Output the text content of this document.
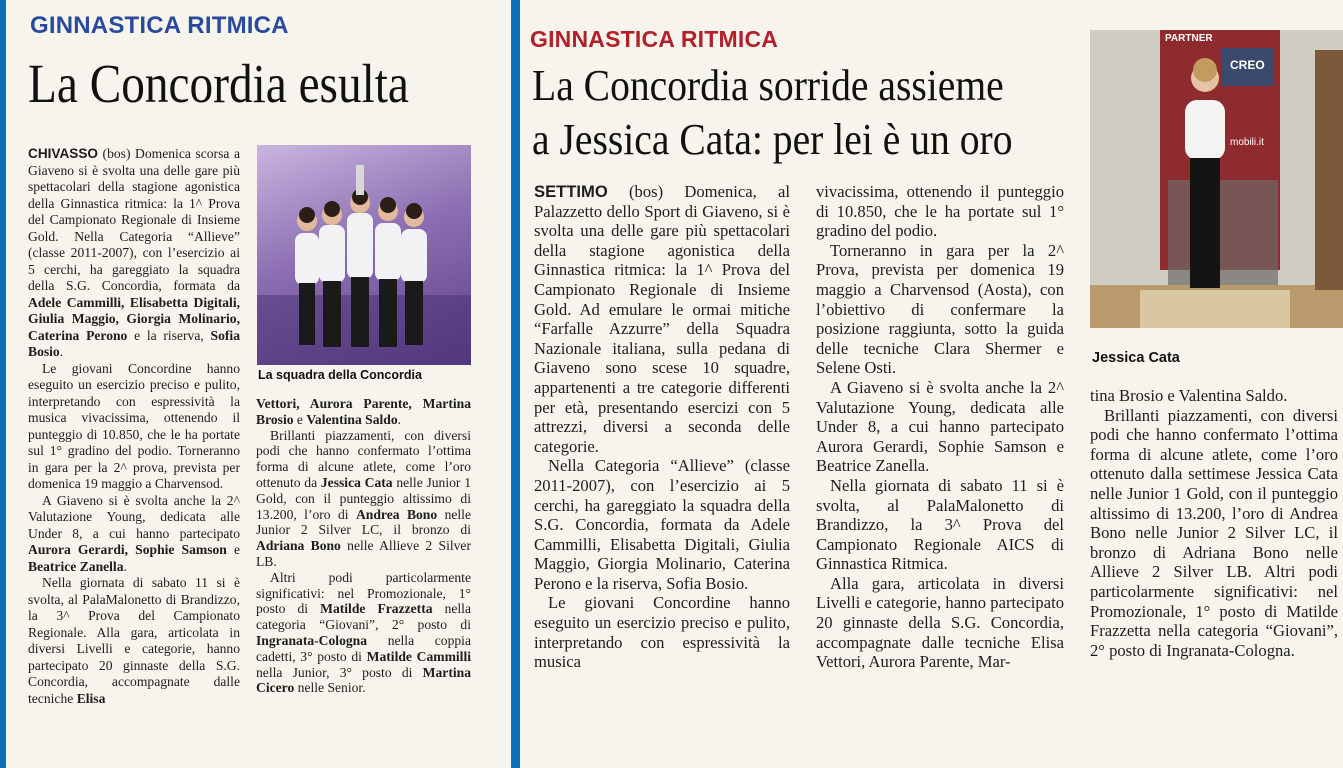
GINNASTICA RITMICA
La Concordia esulta

CHIVASSO (bos) Domenica scorsa a Giaveno si è svolta una delle gare più spettacolari della stagione agonistica della Ginnastica ritmica: la 1^ Prova del Campionato Regionale di Insieme Gold. Nella Categoria “Allieve” (classe 2011-2007), con l’esercizio ai 5 cerchi, ha gareggiato la squadra della S.G. Concordia, formata da Adele Cammilli, Elisabetta Digitali, Giulia Maggio, Giorgia Molinario, Caterina Perono e la riserva, Sofia Bosio.

Le giovani Concordine hanno eseguito un esercizio preciso e pulito, interpretando con espressività la musica vivacissima, ottenendo il punteggio di 10.850, che le ha portate sul 1° gradino del podio. Torneranno in gara per la 2^ prova, prevista per domenica 19 maggio a Charvensod.

A Giaveno si è svolta anche la 2^ Valutazione Young, dedicata alle Under 8, a cui hanno partecipato Aurora Gerardi, Sophie Samson e Beatrice Zanella.

Nella giornata di sabato 11 si è svolta, al PalaMalonetto di Brandizzo, la 3^ Prova del Campionato Regionale. Alla gara, articolata in diversi Livelli e categorie, hanno partecipato 20 ginnaste della S.G. Concordia, accompagnate dalle tecniche Elisa

La squadra della Concordia

Vettori, Aurora Parente, Martina Brosio e Valentina Saldo.

Brillanti piazzamenti, con diversi podi che hanno confermato l’ottima forma di alcune atlete, come l’oro ottenuto da Jessica Cata nelle Junior 1 Gold, con il punteggio altissimo di 13.200, l’oro di Andrea Bono nelle Junior 2 Silver LC, il bronzo di Adriana Bono nelle Allieve 2 Silver LB.

Altri podi particolarmente significativi: nel Promozionale, 1° posto di Matilde Frazzetta nella categoria “Giovani”, 2° posto di Ingranata-Cologna nella coppia cadetti, 3° posto di Matilde Cammilli nella Junior, 3° posto di Martina Cicero nelle Senior.

GINNASTICA RITMICA
La Concordia sorride assieme
a Jessica Cata: per lei è un oro

SETTIMO (bos) Domenica, al Palazzetto dello Sport di Giaveno, si è svolta una delle gare più spettacolari della stagione agonistica della Ginnastica ritmica: la 1^ Prova del Campionato Regionale di Insieme Gold. Ad emulare le ormai mitiche “Farfalle Azzurre” della Squadra Nazionale italiana, sulla pedana di Giaveno sono scese 10 squadre, appartenenti a tre categorie differenti per età, presentando esercizi con 5 attrezzi, diversi a seconda delle categorie.

Nella Categoria “Allieve” (classe 2011-2007), con l’esercizio ai 5 cerchi, ha gareggiato la squadra della S.G. Concordia, formata da Adele Cammilli, Elisabetta Digitali, Giulia Maggio, Giorgia Molinario, Caterina Perono e la riserva, Sofia Bosio.

Le giovani Concordine hanno eseguito un esercizio preciso e pulito, interpretando con espressività la musica

vivacissima, ottenendo il punteggio di 10.850, che le ha portate sul 1° gradino del podio.

Torneranno in gara per la 2^ Prova, prevista per domenica 19 maggio a Charvensod (Aosta), con l’obiettivo di confermare la posizione raggiunta, sotto la guida delle tecniche Clara Shermer e Selene Osti.

A Giaveno si è svolta anche la 2^ Valutazione Young, dedicata alle Under 8, a cui hanno partecipato Aurora Gerardi, Sophie Samson e Beatrice Zanella.

Nella giornata di sabato 11 si è svolta, al PalaMalonetto di Brandizzo, la 3^ Prova del Campionato Regionale AICS di Ginnastica Ritmica.

Alla gara, articolata in diversi Livelli e categorie, hanno partecipato 20 ginnaste della S.G. Concordia, accompagnate dalle tecniche Elisa Vettori, Aurora Parente, Mar-

PARTNER
CREO
mobili.it
Jessica Cata

tina Brosio e Valentina Saldo.

Brillanti piazzamenti, con diversi podi che hanno confermato l’ottima forma di alcune atlete, come l’oro ottenuto dalla settimese Jessica Cata nelle Junior 1 Gold, con il punteggio altissimo di 13.200, l’oro di Andrea Bono nelle Junior 2 Silver LC, il bronzo di Adriana Bono nelle Allieve 2 Silver LB. Altri podi particolarmente significativi: nel Promozionale, 1° posto di Matilde Frazzetta nella categoria “Giovani”, 2° posto di Ingranata-Cologna.
